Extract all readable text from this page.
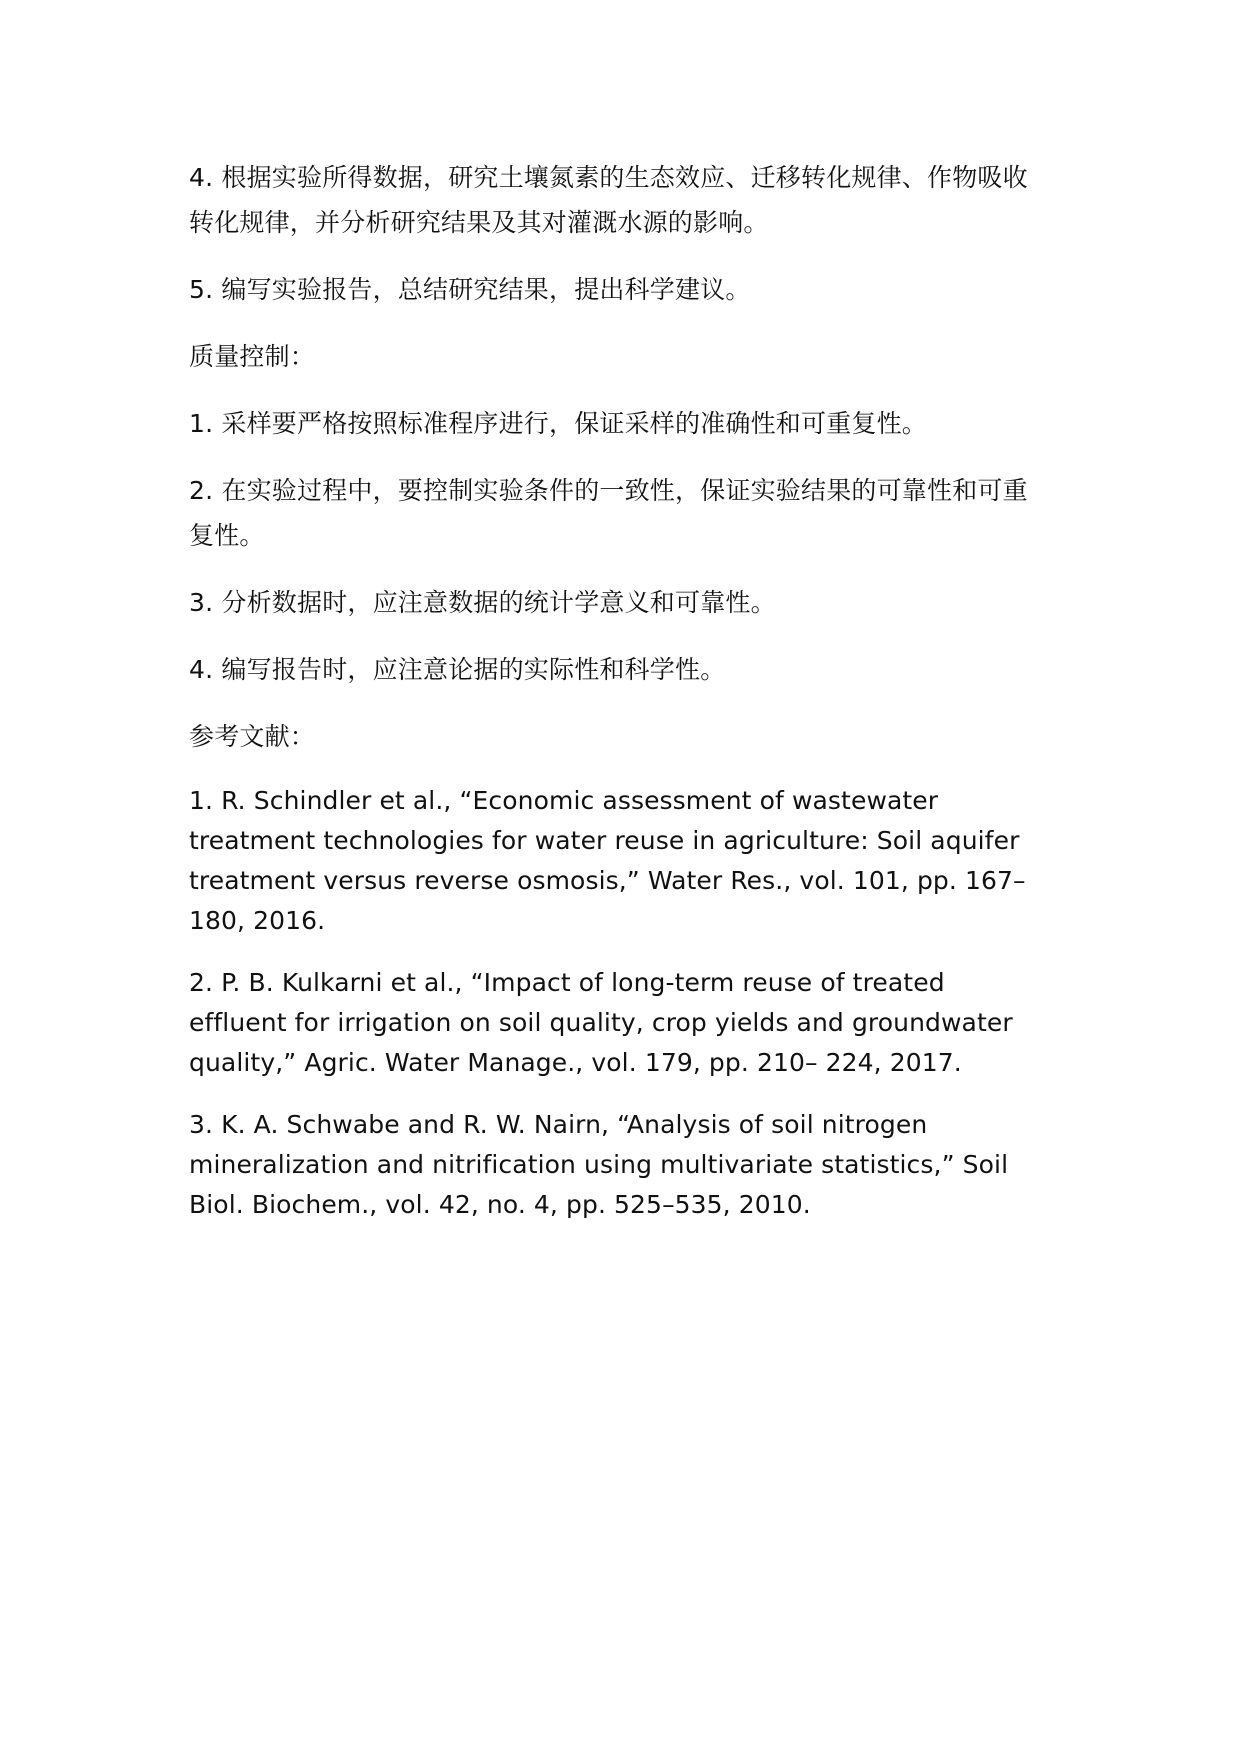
4. 根据实验所得数据，研究土壤氮素的生态效应、迁移转化规律、作物吸收转化规律，并分析研究结果及其对灌溉水源的影响。

5. 编写实验报告，总结研究结果，提出科学建议。

质量控制：

1. 采样要严格按照标准程序进行，保证采样的准确性和可重复性。

2. 在实验过程中，要控制实验条件的一致性，保证实验结果的可靠性和可重复性。

3. 分析数据时，应注意数据的统计学意义和可靠性。

4. 编写报告时，应注意论据的实际性和科学性。

参考文献：

1. R. Schindler et al., “Economic assessment of wastewater treatment technologies for water reuse in agriculture: Soil aquifer treatment versus reverse osmosis,” Water Res., vol. 101, pp. 167–180, 2016.

2. P. B. Kulkarni et al., “Impact of long-term reuse of treated effluent for irrigation on soil quality, crop yields and groundwater quality,” Agric. Water Manage., vol. 179, pp. 210– 224, 2017.

3. K. A. Schwabe and R. W. Nairn, “Analysis of soil nitrogen mineralization and nitrification using multivariate statistics,” Soil Biol. Biochem., vol. 42, no. 4, pp. 525–535, 2010.
